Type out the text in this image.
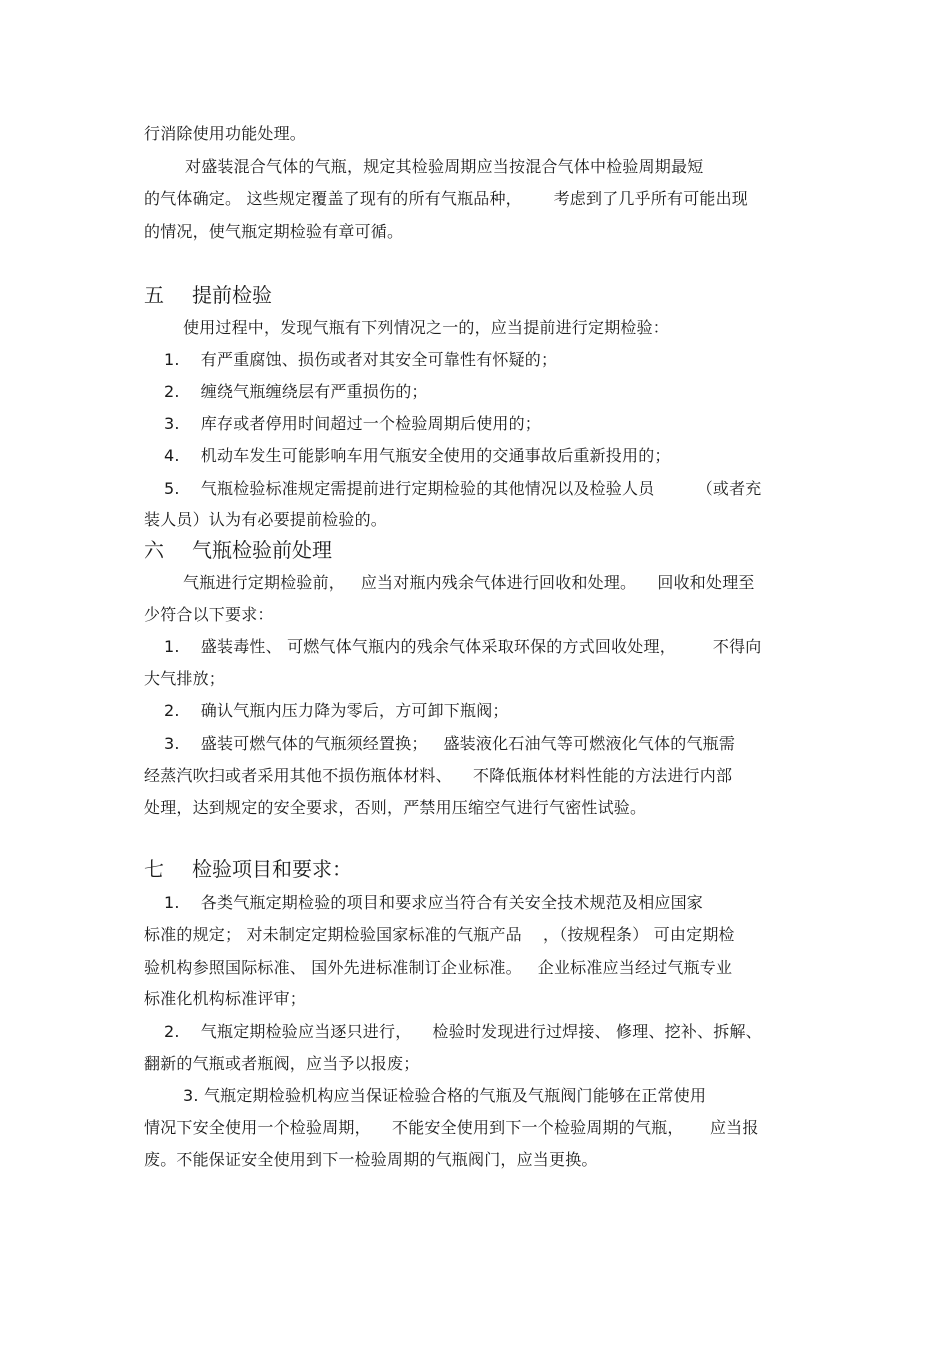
行消除使用功能处理。
对盛装混合气体的气瓶，规定其检验周期应当按混合气体中检验周期最短
的气体确定。 这些规定覆盖了现有的所有气瓶品种，      考虑到了几乎所有可能出现
的情况，使气瓶定期检验有章可循。
五 提前检验
使用过程中，发现气瓶有下列情况之一的，应当提前进行定期检验：
1.    有严重腐蚀、损伤或者对其安全可靠性有怀疑的；
2.    缠绕气瓶缠绕层有严重损伤的；
3.    库存或者停用时间超过一个检验周期后使用的；
4.    机动车发生可能影响车用气瓶安全使用的交通事故后重新投用的；
5.    气瓶检验标准规定需提前进行定期检验的其他情况以及检验人员        （或者充
装人员）认为有必要提前检验的。
六 气瓶检验前处理
气瓶进行定期检验前，   应当对瓶内残余气体进行回收和处理。    回收和处理至
少符合以下要求：
1.    盛装毒性、 可燃气体气瓶内的残余气体采取环保的方式回收处理，       不得向
大气排放；
2.    确认气瓶内压力降为零后，方可卸下瓶阀；
3.    盛装可燃气体的气瓶须经置换；   盛装液化石油气等可燃液化气体的气瓶需
经蒸汽吹扫或者采用其他不损伤瓶体材料、    不降低瓶体材料性能的方法进行内部
处理，达到规定的安全要求，否则，严禁用压缩空气进行气密性试验。
七 检验项目和要求：
1.    各类气瓶定期检验的项目和要求应当符合有关安全技术规范及相应国家
标准的规定； 对未制定定期检验国家标准的气瓶产品    ，（按规程条） 可由定期检
验机构参照国际标准、 国外先进标准制订企业标准。   企业标准应当经过气瓶专业
标准化机构标准评审；
2.    气瓶定期检验应当逐只进行，    检验时发现进行过焊接、 修理、挖补、拆解、
翻新的气瓶或者瓶阀，应当予以报废；
3. 气瓶定期检验机构应当保证检验合格的气瓶及气瓶阀门能够在正常使用
情况下安全使用一个检验周期，    不能安全使用到下一个检验周期的气瓶，     应当报
废。不能保证安全使用到下一检验周期的气瓶阀门，应当更换。
